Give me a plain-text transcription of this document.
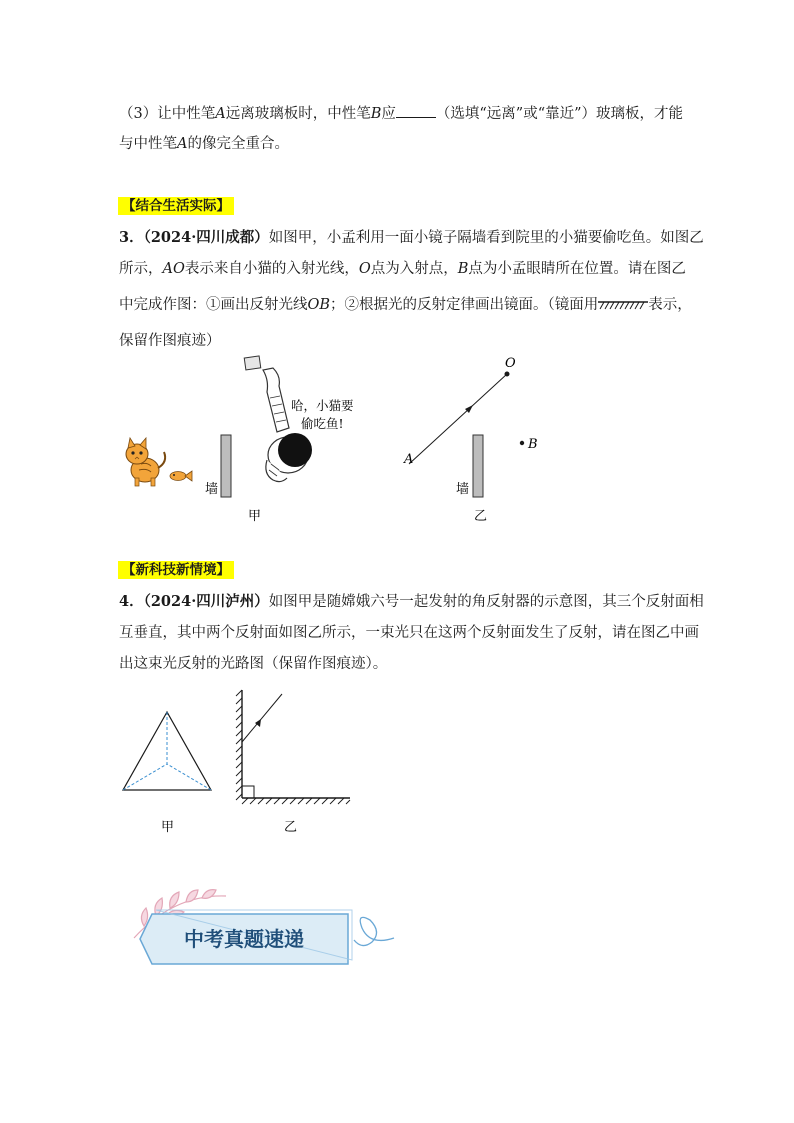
（3）让中性笔A远离玻璃板时，中性笔B应	（选填“远离”或“靠近”）玻璃板，才能
与中性笔A的像完全重合。
【结合生活实际】
3．（2024·四川成都）如图甲，小孟利用一面小镜子隔墙看到院里的小猫要偷吃鱼。如图乙
所示，AO表示来自小猫的入射光线，O点为入射点，B点为小孟眼睛所在位置。请在图乙
中完成作图：①画出反射光线OB；②根据光的反射定律画出镜面。（镜面用	表示，
保留作图痕迹）
墙
哈，小猫要
偷吃鱼!
甲
O
A
B
墙
乙
【新科技新情境】
4．（2024·四川泸州）如图甲是随嫦娥六号一起发射的角反射器的示意图，其三个反射面相
互垂直，其中两个反射面如图乙所示，一束光只在这两个反射面发生了反射，请在图乙中画
出这束光反射的光路图（保留作图痕迹）。
甲	乙
中考真题速递
